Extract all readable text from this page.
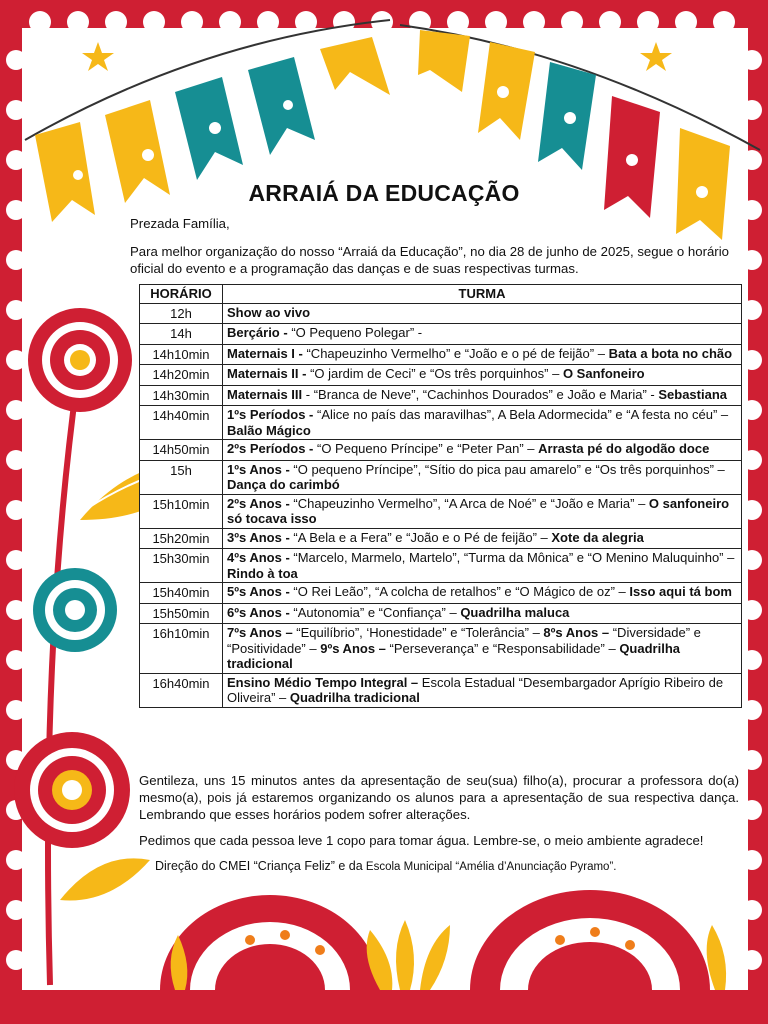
ARRAIÁ DA EDUCAÇÃO
Prezada Família,
Para melhor organização do nosso “Arraiá da Educação”, no dia 28 de junho de 2025, segue o horário oficial do evento e a programação das danças e de suas respectivas turmas.
HORÁRIO	TURMA
12h	Show ao vivo
14h	Berçário - “O Pequeno Polegar” -
14h10min	Maternais I - “Chapeuzinho Vermelho” e “João e o pé de feijão” – Bata a bota no chão
14h20min	Maternais II - “O jardim de Ceci” e “Os três porquinhos” – O Sanfoneiro
14h30min	Maternais III - “Branca de Neve”, “Cachinhos Dourados” e João e Maria” - Sebastiana
14h40min	1ºs Períodos - “Alice no país das maravilhas”, A Bela Adormecida” e “A festa no céu” – Balão Mágico
14h50min	2ºs Períodos - “O Pequeno Príncipe” e “Peter Pan” – Arrasta pé do algodão doce
15h	1ºs Anos - “O pequeno Príncipe”, “Sítio do pica pau amarelo” e “Os três porquinhos” – Dança do carimbó
15h10min	2ºs Anos - “Chapeuzinho Vermelho”, “A Arca de Noé” e “João e Maria” – O sanfoneiro só tocava isso
15h20min	3ºs Anos - “A Bela e a Fera” e “João e o Pé de feijão” – Xote da alegria
15h30min	4ºs Anos - “Marcelo, Marmelo, Martelo”, “Turma da Mônica” e “O Menino Maluquinho” – Rindo à toa
15h40min	5ºs Anos - “O Rei Leão”, “A colcha de retalhos” e “O Mágico de oz” – Isso aqui tá bom
15h50min	6ºs Anos - “Autonomia” e “Confiança” – Quadrilha maluca
16h10min	7ºs Anos – “Equilíbrio”, ‘Honestidade” e “Tolerância” – 8ºs Anos – “Diversidade” e “Positividade” – 9ºs Anos – “Perseverança” e “Responsabilidade” – Quadrilha tradicional
16h40min	Ensino Médio Tempo Integral – Escola Estadual “Desembargador Aprígio Ribeiro de Oliveira” – Quadrilha tradicional
Gentileza, uns 15 minutos antes da apresentação de seu(sua) filho(a), procurar a professora do(a) mesmo(a), pois já estaremos organizando os alunos para a apresentação de sua respectiva dança. Lembrando que esses horários podem sofrer alterações.
Pedimos que cada pessoa leve 1 copo para tomar água. Lembre-se, o meio ambiente agradece!
Direção do CMEI “Criança Feliz” e da Escola Municipal “Amélia d’Anunciação Pyramo”.
